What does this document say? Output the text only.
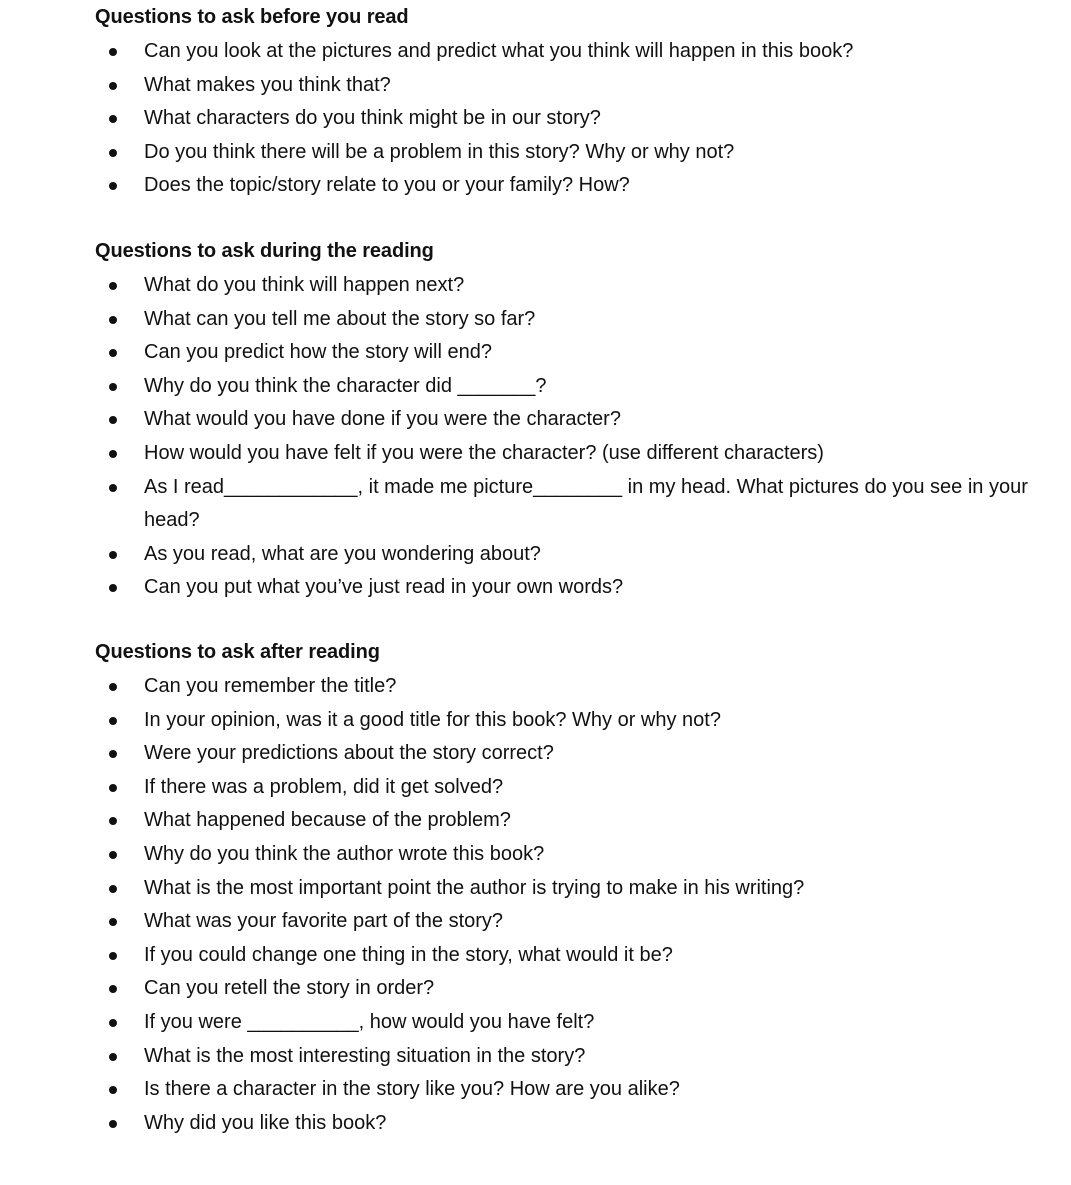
Questions to ask before you read
Can you look at the pictures and predict what you think will happen in this book?
What makes you think that?
What characters do you think might be in our story?
Do you think there will be a problem in this story? Why or why not?
Does the topic/story relate to you or your family? How?
Questions to ask during the reading
What do you think will happen next?
What can you tell me about the story so far?
Can you predict how the story will end?
Why do you think the character did _______?
What would you have done if you were the character?
How would you have felt if you were the character? (use different characters)
As I read____________, it made me picture________ in my head. What pictures do you see in your head?
As you read, what are you wondering about?
Can you put what you’ve just read in your own words?
Questions to ask after reading
Can you remember the title?
In your opinion, was it a good title for this book? Why or why not?
Were your predictions about the story correct?
If there was a problem, did it get solved?
What happened because of the problem?
Why do you think the author wrote this book?
What is the most important point the author is trying to make in his writing?
What was your favorite part of the story?
If you could change one thing in the story, what would it be?
Can you retell the story in order?
If you were __________, how would you have felt?
What is the most interesting situation in the story?
Is there a character in the story like you? How are you alike?
Why did you like this book?
